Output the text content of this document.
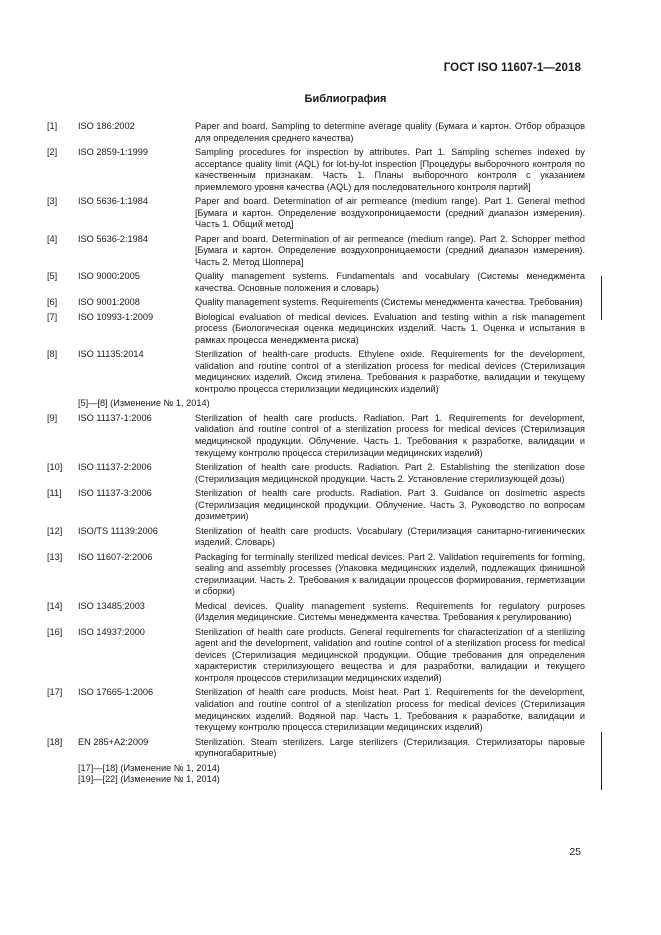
ГОСТ ISO 11607-1—2018
Библиография
[1]	ISO 186:2002	Paper and board. Sampling to determine average quality (Бумага и картон. Отбор образцов для определения среднего качества)
[2]	ISO 2859-1:1999	Sampling procedures for inspection by attributes. Part 1. Sampling schemes indexed by acceptance quality limit (AQL) for lot-by-lot inspection [Процедуры выборочного контроля по качественным признакам. Часть 1. Планы выборочного контроля с указанием приемлемого уровня качества (AQL) для последовательного контроля партий]
[3]	ISO 5636-1:1984	Paper and board. Determination of air permeance (medium range). Part 1. General method [Бумага и картон. Определение воздухопроницаемости (средний диапазон измерения). Часть 1. Общий метод]
[4]	ISO 5636-2:1984	Paper and board. Determination of air permeance (medium range). Part 2. Schopper method [Бумага и картон. Определение воздухопроницаемости (средний диапазон измерения). Часть 2. Метод Шоппера]
[5]	ISO 9000:2005	Quality management systems. Fundamentals and vocabulary (Системы менеджмента качества. Основные положения и словарь)
[6]	ISO 9001:2008	Quality management systems. Requirements (Системы менеджмента качества. Требования)
[7]	ISO 10993-1:2009	Biological evaluation of medical devices. Evaluation and testing within a risk management process (Биологическая оценка медицинских изделий. Часть 1. Оценка и испытания в рамках процесса менеджмента риска)
[8]	ISO 11135:2014	Sterilization of health-care products. Ethylene oxide. Requirements for the development, validation and routine control of a sterilization process for medical devices (Стерилизация медицинских изделий. Оксид этилена. Требования к разработке, валидации и текущему контролю процесса стерилизации медицинских изделий)
[5]—[8] (Изменение № 1, 2014)
[9]	ISO 11137-1:2006	Sterilization of health care products. Radiation. Part 1. Requirements for development, validation and routine control of a sterilization process for medical devices (Стерилизация медицинской продукции. Облучение. Часть 1. Требования к разработке, валидации и текущему контролю процесса стерилизации медицинских изделий)
[10]	ISO 11137-2:2006	Sterilization of health care products. Radiation. Part 2. Establishing the sterilization dose (Стерилизация медицинской продукции. Часть 2. Установление стерилизующей дозы)
[11]	ISO 11137-3:2006	Sterilization of health care products. Radiation. Part 3. Guidance on dosimetric aspects (Стерилизация медицинской продукции. Облучение. Часть 3. Руководство по вопросам дозиметрии)
[12]	ISO/TS 11139:2006	Sterilization of health care products. Vocabulary (Стерилизация санитарно-гигиенических изделий. Словарь)
[13]	ISO 11607-2:2006	Packaging for terminally sterilized medical devices. Part 2. Validation requirements for forming, sealing and assembly processes (Упаковка медицинских изделий, подлежащих финишной стерилизации. Часть 2. Требования к валидации процессов формирования, герметизации и сборки)
[14]	ISO 13485:2003	Medical devices. Quality management systems. Requirements for regulatory purposes (Изделия медицинские. Системы менеджмента качества. Требования к регулированию)
[16]	ISO 14937:2000	Sterilization of health care products. General requirements for characterization of a sterilizing agent and the development, validation and routine control of a sterilization process for medical devices (Стерилизация медицинской продукции. Общие требования для определения характеристик стерилизующего вещества и для разработки, валидации и текущего контроля процессов стерилизации медицинских изделий)
[17]	ISO 17665-1:2006	Sterilization of health care products. Moist heat. Part 1. Requirements for the development, validation and routine control of a sterilization process for medical devices (Стерилизация медицинских изделий. Водяной пар. Часть 1. Требования к разработке, валидации и текущему контролю процесса стерилизации медицинских изделий)
[18]	EN 285+A2:2009	Sterilization. Steam sterilizers. Large sterilizers (Стерилизация. Стерилизаторы паровые крупногабаритные)
[17]—[18] (Изменение № 1, 2014)
[19]—[22] (Изменение № 1, 2014)
25
